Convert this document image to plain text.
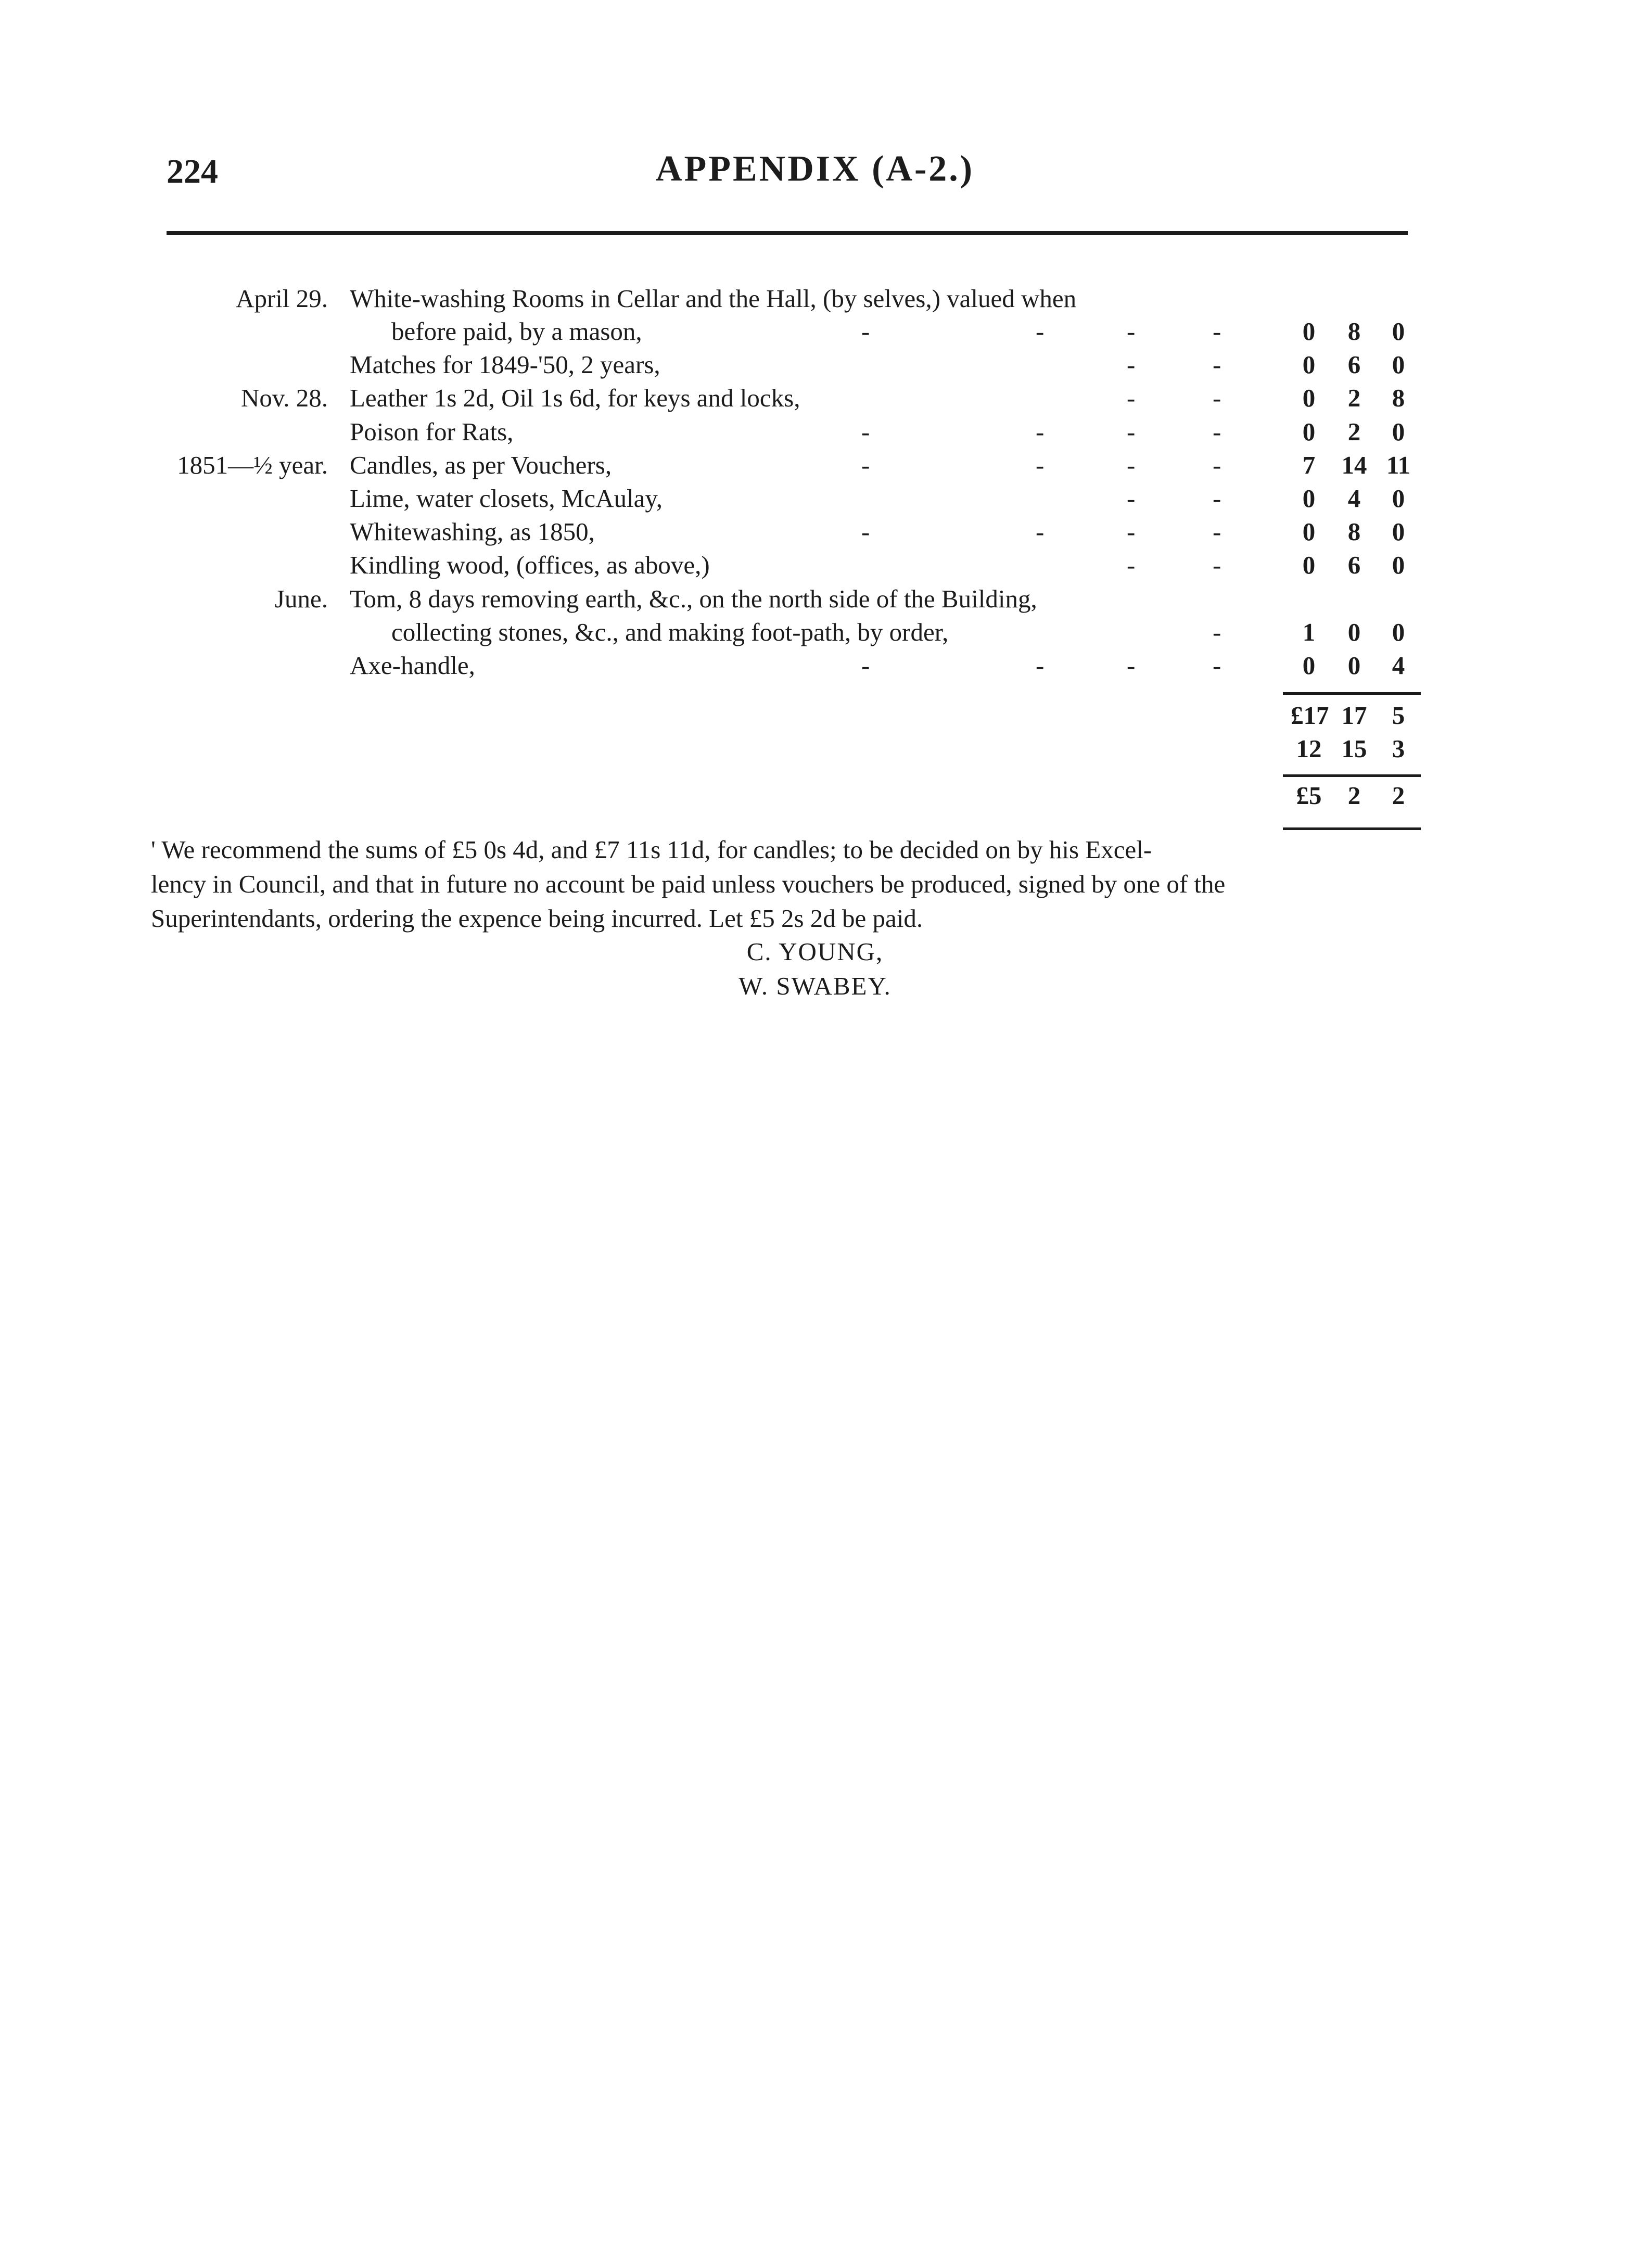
224	APPENDIX (A-2.)
April 29. White-washing Rooms in Cellar and the Hall, (by selves,) valued when
before paid, by a mason,	-	-	-	-	0	8	0
Matches for 1849-'50, 2 years,	-	-	0	6	0
Nov. 28. Leather 1s 2d, Oil 1s 6d, for keys and locks,	-	-	0	2	8
Poison for Rats,	-	-	-	-	0	2	0
1851—½ year. Candles, as per Vouchers,	-	-	-	-	7	14 11
Lime, water closets, McAulay,	-	-	0	4	0
Whitewashing, as 1850,	-	-	-	-	0	8	0
Kindling wood, (offices, as above,)	-	-	0	6	0
June. Tom, 8 days removing earth, &c., on the north side of the Building,
collecting stones, &c., and making foot-path, by order,	-	1	0	0
Axe-handle,	-	-	-	-	0	0	4
£17 17 5
12 15 3
£5	2	2
' We recommend the sums of £5 0s 4d, and £7 11s 11d, for candles; to be decided on by his Excel-
lency in Council, and that in future no account be paid unless vouchers be produced, signed by one of the
Superintendants, ordering the expence being incurred. Let £5 2s 2d be paid.
C. YOUNG,
W. SWABEY.
